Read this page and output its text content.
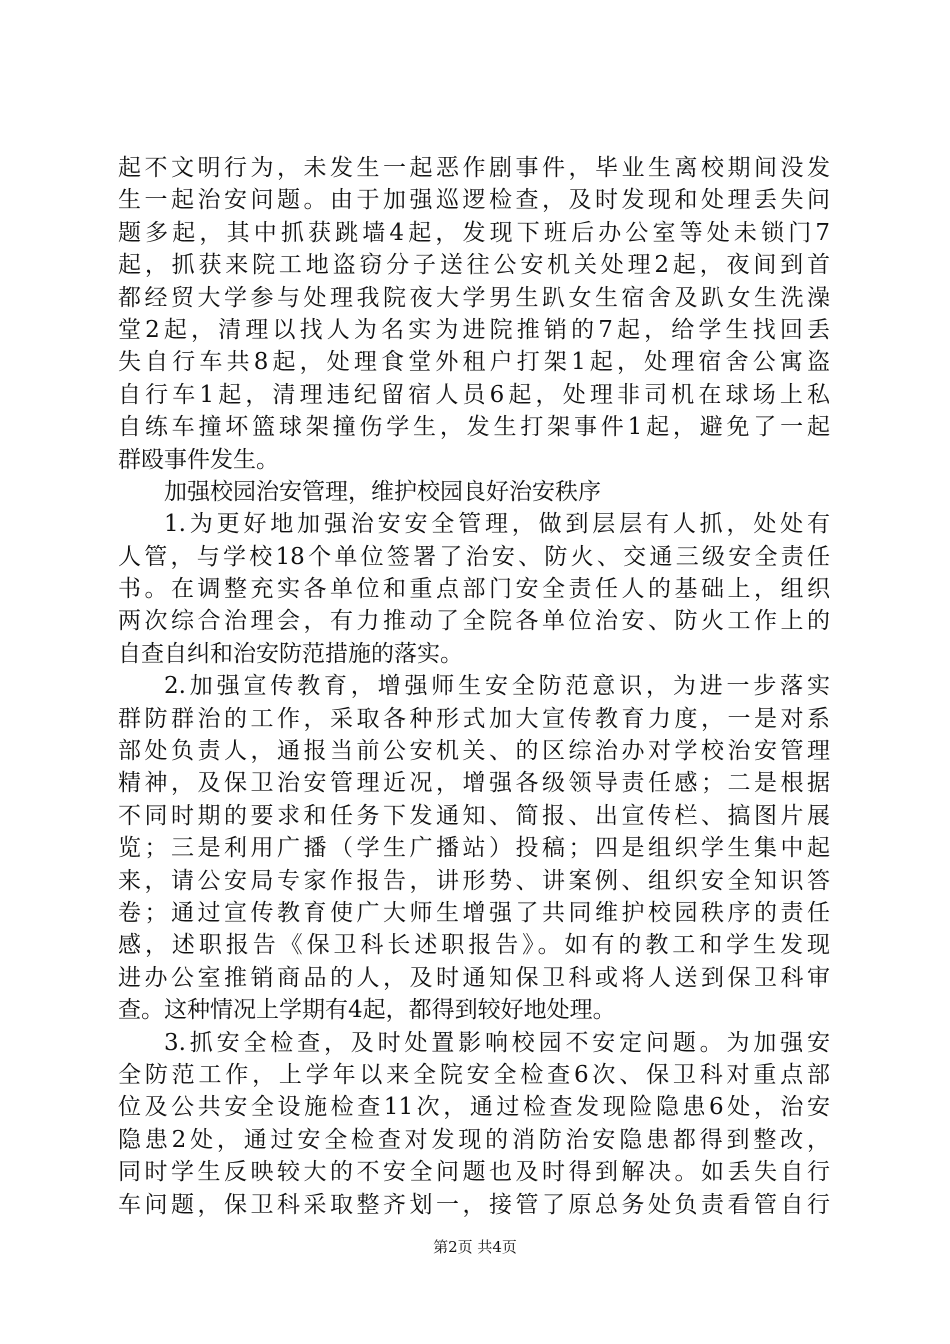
起不文明行为，未发生一起恶作剧事件，毕业生离校期间没发
生一起治安问题。由于加强巡逻检查，及时发现和处理丢失问
题多起，其中抓获跳墙4起，发现下班后办公室等处未锁门7
起，抓获来院工地盗窃分子送往公安机关处理2起，夜间到首
都经贸大学参与处理我院夜大学男生趴女生宿舍及趴女生洗澡
堂2起，清理以找人为名实为进院推销的7起，给学生找回丢
失自行车共8起，处理食堂外租户打架1起，处理宿舍公寓盗
自行车1起，清理违纪留宿人员6起，处理非司机在球场上私
自练车撞坏篮球架撞伤学生，发生打架事件1起，避免了一起
群殴事件发生。
加强校园治安管理，维护校园良好治安秩序
1.为更好地加强治安安全管理，做到层层有人抓，处处有
人管，与学校18个单位签署了治安、防火、交通三级安全责任
书。在调整充实各单位和重点部门安全责任人的基础上，组织
两次综合治理会，有力推动了全院各单位治安、防火工作上的
自查自纠和治安防范措施的落实。
2.加强宣传教育，增强师生安全防范意识，为进一步落实
群防群治的工作，采取各种形式加大宣传教育力度，一是对系
部处负责人，通报当前公安机关、的区综治办对学校治安管理
精神，及保卫治安管理近况，增强各级领导责任感；二是根据
不同时期的要求和任务下发通知、简报、出宣传栏、搞图片展
览；三是利用广播（学生广播站）投稿；四是组织学生集中起
来，请公安局专家作报告，讲形势、讲案例、组织安全知识答
卷；通过宣传教育使广大师生增强了共同维护校园秩序的责任
感，述职报告《保卫科长述职报告》。如有的教工和学生发现
进办公室推销商品的人，及时通知保卫科或将人送到保卫科审
查。这种情况上学期有4起，都得到较好地处理。
3.抓安全检查，及时处置影响校园不安定问题。为加强安
全防范工作，上学年以来全院安全检查6次、保卫科对重点部
位及公共安全设施检查11次，通过检查发现险隐患6处，治安
隐患2处，通过安全检查对发现的消防治安隐患都得到整改，
同时学生反映较大的不安全问题也及时得到解决。如丢失自行
车问题，保卫科采取整齐划一，接管了原总务处负责看管自行
第2页 共4页
